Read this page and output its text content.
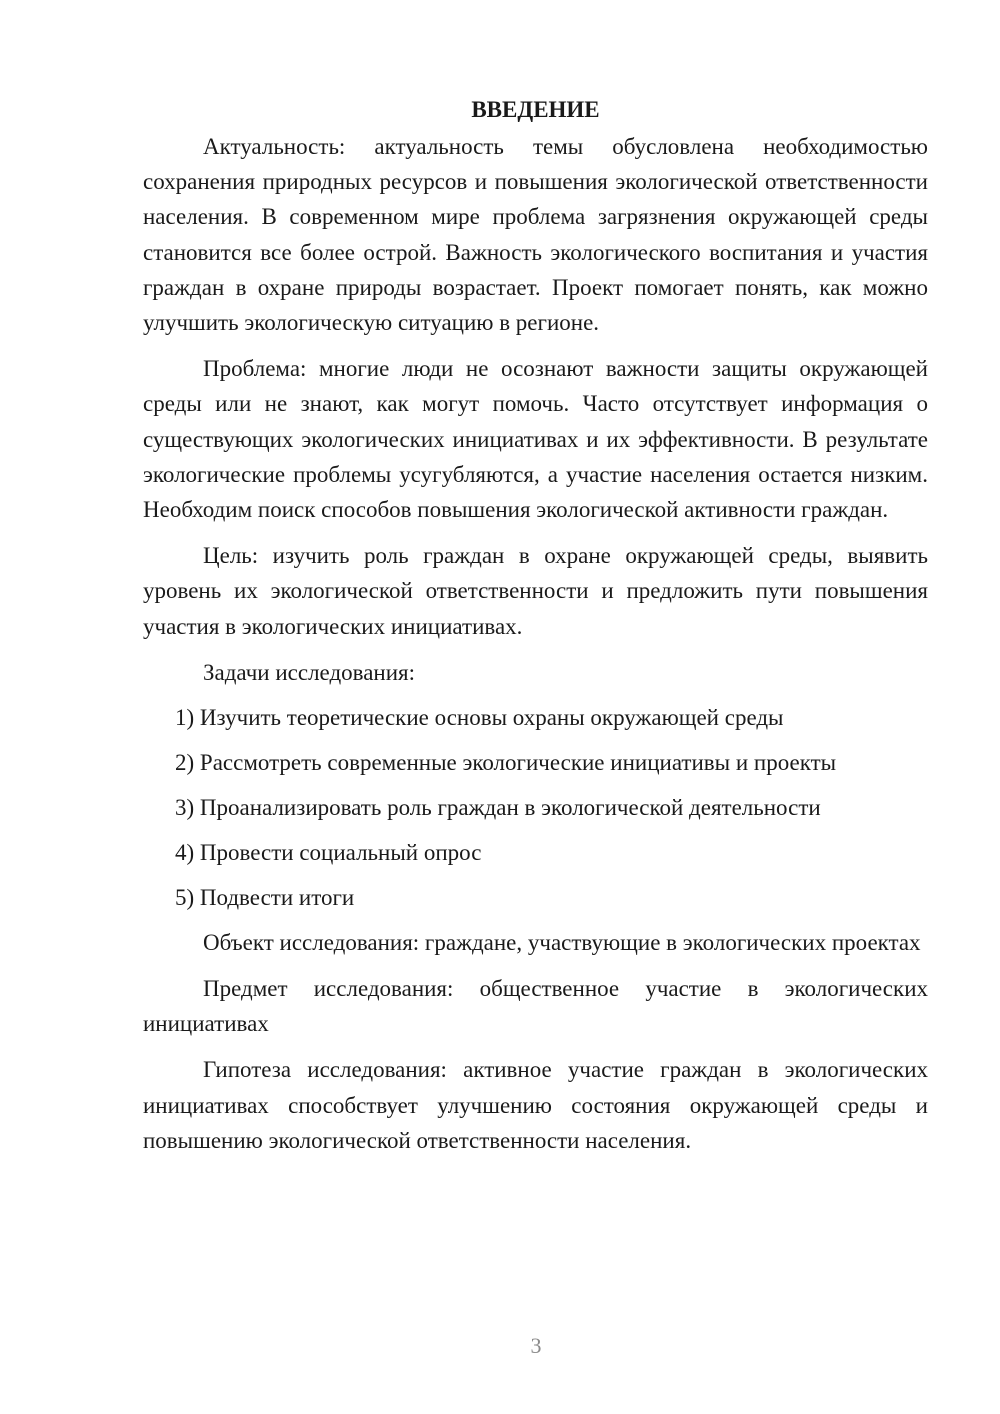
ВВЕДЕНИЕ

Актуальность: актуальность темы обусловлена необходимостью сохранения природных ресурсов и повышения экологической ответственности населения. В современном мире проблема загрязнения окружающей среды становится все более острой. Важность экологического воспитания и участия граждан в охране природы возрастает. Проект помогает понять, как можно улучшить экологическую ситуацию в регионе.

Проблема: многие люди не осознают важности защиты окружающей среды или не знают, как могут помочь. Часто отсутствует информация о существующих экологических инициативах и их эффективности. В результате экологические проблемы усугубляются, а участие населения остается низким. Необходим поиск способов повышения экологической активности граждан.

Цель: изучить роль граждан в охране окружающей среды, выявить уровень их экологической ответственности и предложить пути повышения участия в экологических инициативах.

Задачи исследования:

1) Изучить теоретические основы охраны окружающей среды
2) Рассмотреть современные экологические инициативы и проекты
3) Проанализировать роль граждан в экологической деятельности
4) Провести социальный опрос
5) Подвести итоги

Объект исследования: граждане, участвующие в экологических проектах

Предмет исследования: общественное участие в экологических инициативах

Гипотеза исследования: активное участие граждан в экологических инициативах способствует улучшению состояния окружающей среды и повышению экологической ответственности населения.

3
